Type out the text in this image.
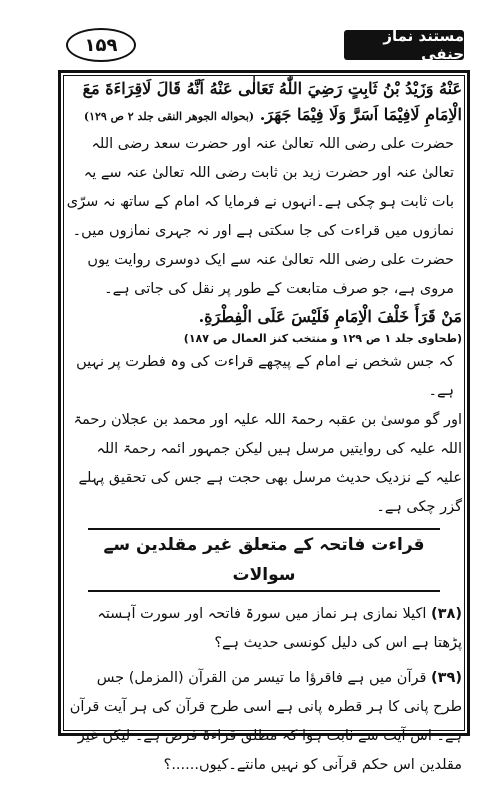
۱۵۹	مستند نماز حنفی

عَنْهُ وَزَيْدُ بْنُ ثَابِتٍ رَضِيَ اللّٰهُ تَعَالٰى عَنْهُ اَنَّهُ قَالَ لَاقِرَاءَةَ مَعَ الْاِمَامِ لَافِيْمَا اَسَرَّ وَلَا فِيْمَا جَهَرَ. (بحواله الجوهر النقى جلد ٢ ص ١٢٩)

حضرت علی رضی اللہ تعالیٰ عنہ اور حضرت سعد رضی اللہ تعالیٰ عنہ اور حضرت زید بن ثابت رضی اللہ تعالیٰ عنہ سے یہ بات ثابت ہو چکی ہے۔انہوں نے فرمایا کہ امام کے ساتھ نہ سرّی نمازوں میں قراءت کی جا سکتی ہے اور نہ جہری نمازوں میں۔

حضرت علی رضی اللہ تعالیٰ عنہ سے ایک دوسری روایت یوں مروی ہے، جو صرف متابعت کے طور پر نقل کی جاتی ہے۔

مَنْ قَرَأَ خَلْفَ الْاِمَامِ فَلَيْسَ عَلَى الْفِطْرَةِ.

(طحاوى جلد ١ ص ١٢٩ و منتخب كنز العمال ص ١٨٧)

کہ جس شخص نے امام کے پیچھے قراءت کی وہ فطرت پر نہیں ہے۔

اور گو موسیٰ بن عقبہ رحمۃ اللہ علیہ اور محمد بن عجلان رحمۃ اللہ علیہ کی روایتیں مرسل ہیں لیکن جمہور ائمہ رحمۃ اللہ علیہ کے نزدیک حدیث مرسل بھی حجت ہے جس کی تحقیق پہلے گزر چکی ہے۔

قراءت فاتحہ کے متعلق غیر مقلدین سے سوالات

(۳۸) اکیلا نمازی ہر نماز میں سورۃ فاتحہ اور سورت آہستہ پڑھتا ہے اس کی دلیل کونسی حدیث ہے؟

(۳۹) قرآن میں ہے فاقرؤا ما تيسر من القرآن (المزمل) جس طرح پانی کا ہر قطرہ پانی ہے اسی طرح قرآن کی ہر آیت قرآن ہے۔ اس آیت سے ثابت ہوا کہ مطلق قراءۃ فرض ہے۔ لیکن غیر مقلدین اس حکم قرآنی کو نہیں مانتے۔کیوں......؟
